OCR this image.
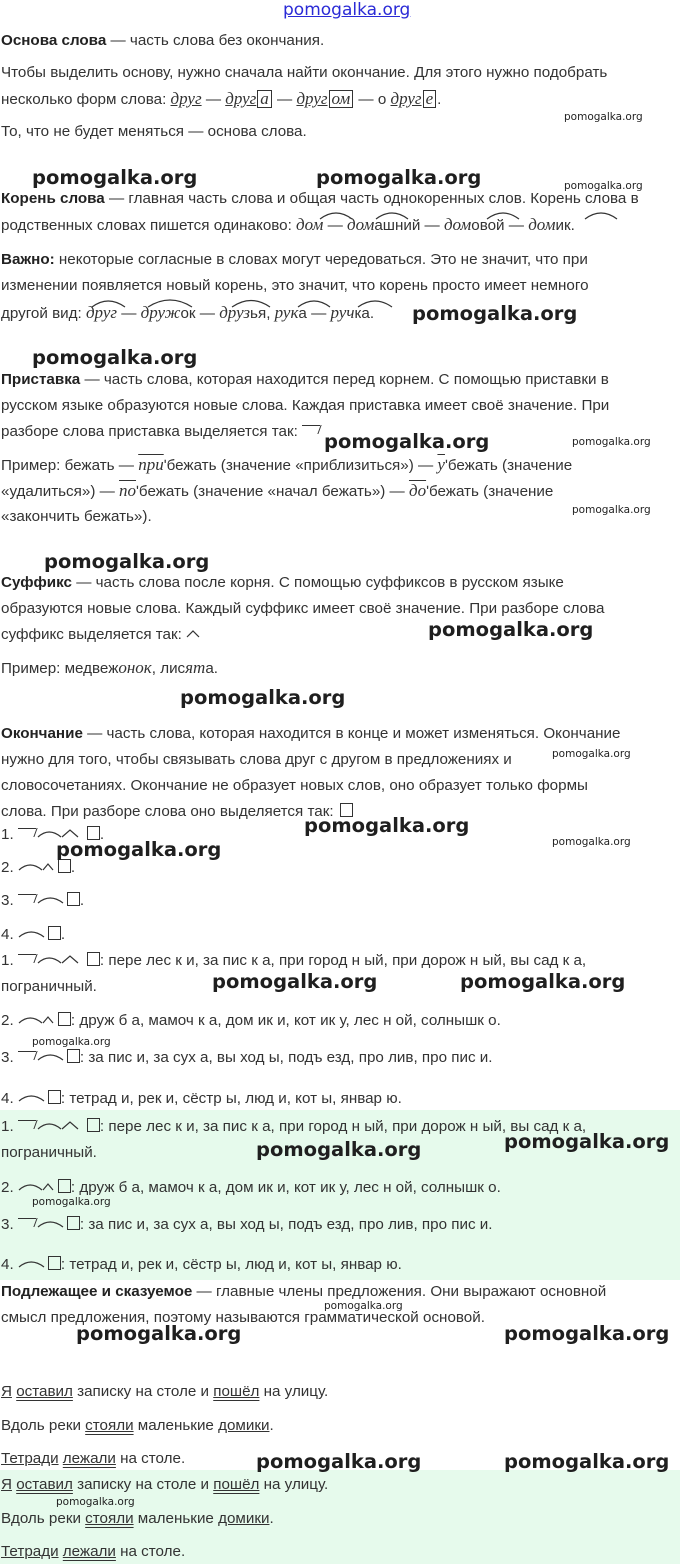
pomogalka.org
Основа слова — часть слова без окончания.
Чтобы выделить основу, нужно сначала найти окончание. Для этого нужно подобрать
несколько форм слова: друг — друг а — друг ом — о друг е .
То, что не будет меняться — основа слова.
Корень слова — главная часть слова и общая часть однокоренных слов. Корень слова в
родственных словах пишется одинаково: дом — домашний — домовой — домик.
Важно: некоторые согласные в словах могут чередоваться. Это не значит, что при
изменении появляется новый корень, это значит, что корень просто имеет немного
другой вид: друг — дружок — друзья, рука — ручка.
Приставка — часть слова, которая находится перед корнем. С помощью приставки в
русском языке образуются новые слова. Каждая приставка имеет своё значение. При
разборе слова приставка выделяется так:
Пример: бежать — приʹбежать (значение «приблизиться») — уʹбежать (значение
«удалиться») — поʹбежать (значение «начал бежать») — доʹбежать (значение
«закончить бежать»).
Суффикс — часть слова после корня. С помощью суффиксов в русском языке
образуются новые слова. Каждый суффикс имеет своё значение. При разборе слова
суффикс выделяется так:
Пример: медвежонок, лисята.
Окончание — часть слова, которая находится в конце и может изменяться. Окончание
нужно для того, чтобы связывать слова друг с другом в предложениях и
словосочетаниях. Окончание не образует новых слов, оно образует только формы
слова. При разборе слова оно выделяется так:
1.	.
2.	.
3.	.
4.	.
1.	: пере лес к и, за пис к а, при город н ый, при дорож н ый, вы сад к а,
пограничный.
2.	: друж б а, мамоч к а, дом ик и, кот ик у, лес н ой, солнышк о.
3.	: за пис и, за сух а, вы ход ы, подъ езд, про лив, про пис и.
4.	: тетрад и, рек и, сёстр ы, люд и, кот ы, январ ю.
1.	: пере лес к и, за пис к а, при город н ый, при дорож н ый, вы сад к а,
пограничный.
2.	: друж б а, мамоч к а, дом ик и, кот ик у, лес н ой, солнышк о.
3.	: за пис и, за сух а, вы ход ы, подъ езд, про лив, про пис и.
4.	: тетрад и, рек и, сёстр ы, люд и, кот ы, январ ю.
Подлежащее и сказуемое — главные члены предложения. Они выражают основной
смысл предложения, поэтому называются грамматической основой.
Я оставил записку на столе и пошёл на улицу.
Вдоль реки стояли маленькие домики.
Тетради лежали на столе.
Я оставил записку на столе и пошёл на улицу.
Вдоль реки стояли маленькие домики.
Тетради лежали на столе.
pomogalka.org	pomogalka.org
pomogalka.org
pomogalka.org
pomogalka.org
pomogalka.org
pomogalka.org
pomogalka.org
pomogalka.org
pomogalka.org
pomogalka.org	pomogalka.org
pomogalka.org
pomogalka.org
pomogalka.org	pomogalka.org
pomogalka.org	pomogalka.org
pomogalka.org
pomogalka.org
pomogalka.org
pomogalka.org
pomogalka.org
pomogalka.org
pomogalka.org
pomogalka.org
pomogalka.org
pomogalka.org
